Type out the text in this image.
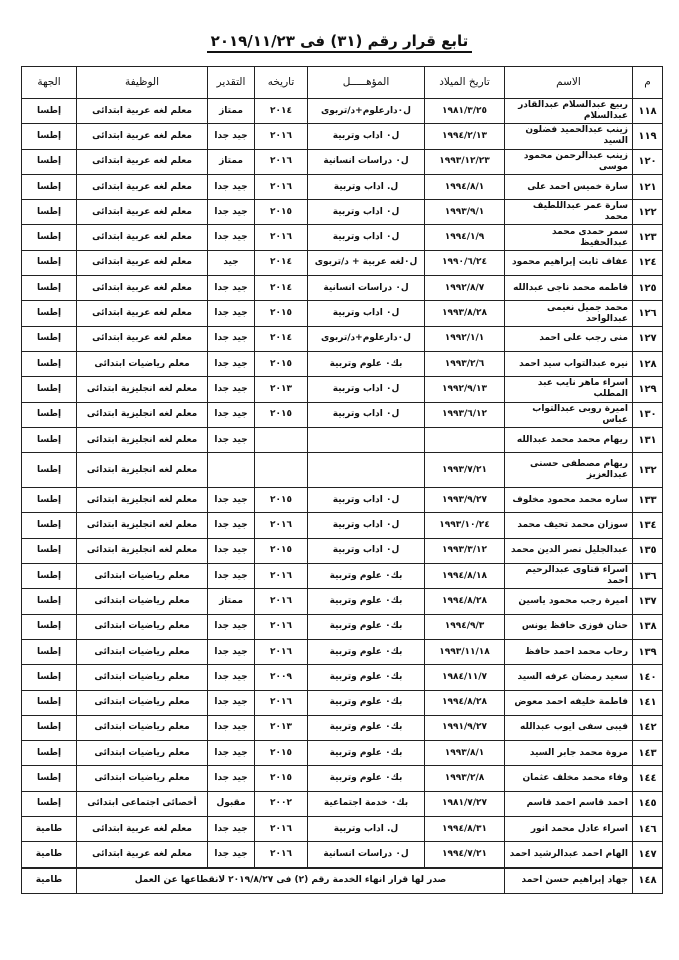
تابع قرار رقم (٣١) فى ٢٠١٩/١١/٢٣
م	الاسم	تاريخ الميلاد	المؤهـــــل	تاريخه	التقدير	الوظيفة	الجهة
١١٨	ربيع عبدالسلام عبدالقادر عبدالسلام	١٩٨١/٣/٢٥	ل٠دارعلوم+د/تربوى	٢٠١٤	ممتاز	معلم لغه عربية ابتدائى	إطسا
١١٩	زينب عبدالحميد فضلون السيد	١٩٩٤/٢/١٣	ل٠ اداب وتربية	٢٠١٦	جيد جدا	معلم لغه عربية ابتدائى	إطسا
١٢٠	زينب عبدالرحمن محمود موسى	١٩٩٣/١٢/٢٣	ل٠ دراسات انسانية	٢٠١٦	ممتاز	معلم لغه عربية ابتدائى	إطسا
١٢١	سارة خميس احمد على	١٩٩٤/٨/١	ل. اداب وتربية	٢٠١٦	جيد جدا	معلم لغه عربية ابتدائى	إطسا
١٢٢	سارة عمر عبداللطيف محمد	١٩٩٣/٩/١	ل٠ اداب وتربية	٢٠١٥	جيد جدا	معلم لغه عربية ابتدائى	إطسا
١٢٣	سمر حمدى محمد عبدالحفيظ	١٩٩٤/١/٩	ل٠ اداب وتربية	٢٠١٦	جيد جدا	معلم لغه عربية ابتدائى	إطسا
١٢٤	عفاف ثابت إبراهيم محمود	١٩٩٠/٦/٢٤	ل٠لغه عربية + د/تربوى	٢٠١٤	جيد	معلم لغه عربية ابتدائى	إطسا
١٢٥	فاطمه محمد ناجى عبدالله	١٩٩٢/٨/٧	ل٠ دراسات انسانية	٢٠١٤	جيد جدا	معلم لغه عربية ابتدائى	إطسا
١٢٦	محمد جميل نعيمى عبدالواحد	١٩٩٣/٨/٢٨	ل٠ اداب وتربية	٢٠١٥	جيد جدا	معلم لغه عربية ابتدائى	إطسا
١٢٧	منى رجب على احمد	١٩٩٢/١/١	ل٠دارعلوم+د/تربوى	٢٠١٤	جيد جدا	معلم لغه عربية ابتدائى	إطسا
١٢٨	نيره عبدالتواب سيد احمد	١٩٩٣/٢/٦	بك٠ علوم وتربية	٢٠١٥	جيد جدا	معلم رياضيات ابتدائى	إطسا
١٢٩	اسراء ماهر نايب عبد المطلب	١٩٩٢/٩/١٣	ل٠ اداب وتربية	٢٠١٣	جيد جدا	معلم لغه انجليزية ابتدائى	إطسا
١٣٠	اميرة روبى عبدالتواب عباس	١٩٩٣/٦/١٢	ل٠ اداب وتربية	٢٠١٥	جيد جدا	معلم لغه انجليزية ابتدائى	إطسا
١٣١	ريهام محمد محمد عبدالله				جيد جدا	معلم لغه انجليزية ابتدائى	إطسا
١٣٢	ريهام مصطفى حسنى عبدالعزيز	١٩٩٣/٧/٢١				معلم لغه انجليزية ابتدائى	إطسا
١٣٣	ساره محمد محمود مخلوف	١٩٩٣/٩/٢٧	ل٠ اداب وتربية	٢٠١٥	جيد جدا	معلم لغه انجليزية ابتدائى	إطسا
١٣٤	سوزان محمد تحيف محمد	١٩٩٣/١٠/٢٤	ل٠ اداب وتربية	٢٠١٦	جيد جدا	معلم لغه انجليزية ابتدائى	إطسا
١٣٥	عبدالجليل نصر الدين محمد	١٩٩٣/٣/١٢	ل٠ اداب وتربية	٢٠١٥	جيد جدا	معلم لغه انجليزية ابتدائى	إطسا
١٣٦	اسراء قناوى عبدالرحيم احمد	١٩٩٤/٨/١٨	بك٠ علوم وتربية	٢٠١٦	جيد جدا	معلم رياضيات ابتدائى	إطسا
١٣٧	اميرة رجب محمود ياسين	١٩٩٤/٨/٢٨	بك٠ علوم وتربية	٢٠١٦	ممتاز	معلم رياضيات ابتدائى	إطسا
١٣٨	حنان فوزى حافظ يونس	١٩٩٤/٩/٣	بك٠ علوم وتربية	٢٠١٦	جيد جدا	معلم رياضيات ابتدائى	إطسا
١٣٩	رحاب محمد احمد حافظ	١٩٩٣/١١/١٨	بك٠ علوم وتربية	٢٠١٦	جيد جدا	معلم رياضيات ابتدائى	إطسا
١٤٠	سعيد رمضان عرفه السيد	١٩٨٤/١١/٧	بك٠ علوم وتربية	٢٠٠٩	جيد جدا	معلم رياضيات ابتدائى	إطسا
١٤١	فاطمة خليفه احمد معوض	١٩٩٤/٨/٢٨	بك٠ علوم وتربية	٢٠١٦	جيد جدا	معلم رياضيات ابتدائى	إطسا
١٤٢	فيبى سفى ايوب عبدالله	١٩٩١/٩/٢٧	بك٠ علوم وتربية	٢٠١٣	جيد جدا	معلم رياضيات ابتدائى	إطسا
١٤٣	مروة محمد جابر السيد	١٩٩٣/٨/١	بك٠ علوم وتربية	٢٠١٥	جيد جدا	معلم رياضيات ابتدائى	إطسا
١٤٤	وفاء محمد مخلف عثمان	١٩٩٣/٢/٨	بك٠ علوم وتربية	٢٠١٥	جيد جدا	معلم رياضيات ابتدائى	إطسا
١٤٥	احمد قاسم احمد قاسم	١٩٨١/٧/٢٧	بك٠ خدمة اجتماعية	٢٠٠٢	مقبول	أخصائى اجتماعى ابتدائى	إطسا
١٤٦	اسراء عادل محمد انور	١٩٩٤/٨/٣١	ل. اداب وتربية	٢٠١٦	جيد جدا	معلم لغه عربية ابتدائى	طامية
١٤٧	الهام احمد عبدالرشيد احمد	١٩٩٤/٧/٢١	ل٠ دراسات انسانية	٢٠١٦	جيد جدا	معلم لغه عربية ابتدائى	طامية
١٤٨	جهاد إبراهيم حسن احمد	صدر لها قرار انهاء الخدمة رقم (٢) فى ٢٠١٩/٨/٢٧ لانقطاعها عن العمل					طامية
